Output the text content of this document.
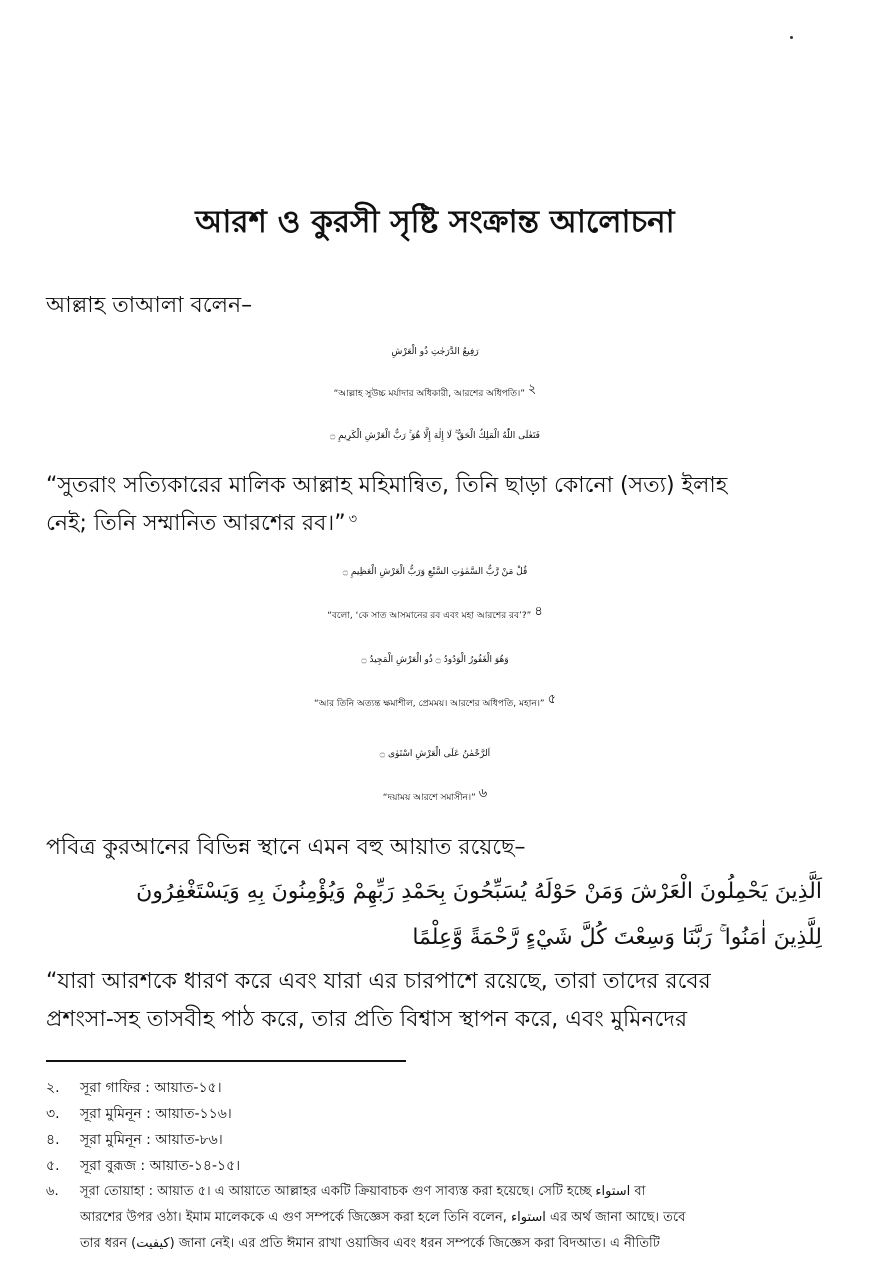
আরশ ও কুরসী সৃষ্টি সংক্রান্ত আলোচনা
আল্লাহ তাআলা বলেন–
رَفِيعُ الدَّرَجٰتِ ذُو الْعَرْشِ
“আল্লাহ সুউচ্চ মর্যাদার অধিকারী, আরশের অধিপতি।” $^২$
فَتَعٰلَى اللّٰهُ الْمَلِكُ الْحَقُّ ۚ لَا إِلٰهَ إِلَّا هُوَ ۚ رَبُّ الْعَرْشِ الْكَرِيمِ ۝
“সুতরাং সত্যিকারের মালিক আল্লাহ মহিমান্বিত, তিনি ছাড়া কোনো (সত্য) ইলাহ
নেই; তিনি সম্মানিত আরশের রব।” $^৩$
قُلْ مَنْ رَّبُّ السَّمٰوٰتِ السَّبْعِ وَرَبُّ الْعَرْشِ الْعَظِيمِ ۝
“বলো, ‘কে সাত আসমানের রব এবং মহা আরশের রব’?” $^৪$
وَهُوَ الْغَفُورُ الْوَدُودُ ۝ ذُو الْعَرْشِ الْمَجِيدُ ۝
“আর তিনি অত্যন্ত ক্ষমাশীল, প্রেমময়। আরশের অধিপতি, মহান।” $^৫$
اَلرَّحْمٰنُ عَلَى الْعَرْشِ اسْتَوٰى ۝
“দয়াময় আরশে সমাসীন।” $^৬$
পবিত্র কুরআনের বিভিন্ন স্থানে এমন বহু আয়াত রয়েছে–
اَلَّذِينَ يَحْمِلُونَ الْعَرْشَ وَمَنْ حَوْلَهُ يُسَبِّحُونَ بِحَمْدِ رَبِّهِمْ وَيُؤْمِنُونَ بِهِ وَيَسْتَغْفِرُونَ
لِلَّذِينَ اٰمَنُوا ۚ رَبَّنَا وَسِعْتَ كُلَّ شَيْءٍ رَّحْمَةً وَّعِلْمًا
“যারা আরশকে ধারণ করে এবং যারা এর চারপাশে রয়েছে, তারা তাদের রবের
প্রশংসা-সহ তাসবীহ পাঠ করে, তার প্রতি বিশ্বাস স্থাপন করে, এবং মুমিনদের
২. সূরা গাফির : আয়াত-১৫।
৩. সূরা মুমিনূন : আয়াত-১১৬।
৪. সূরা মুমিনূন : আয়াত-৮৬।
৫. সূরা বুরূজ : আয়াত-১৪-১৫।
৬. সূরা তোয়াহা : আয়াত ৫। এ আয়াতে আল্লাহর একটি ক্রিয়াবাচক গুণ সাব্যস্ত করা হয়েছে। সেটি হচ্ছে استواء বা
আরশের উপর ওঠা। ইমাম মালেককে এ গুণ সম্পর্কে জিজ্ঞেস করা হলে তিনি বলেন, استواء এর অর্থ জানা আছে। তবে
তার ধরন (كيفيت) জানা নেই। এর প্রতি ঈমান রাখা ওয়াজিব এবং ধরন সম্পর্কে জিজ্ঞেস করা বিদআত। এ নীতিটি
